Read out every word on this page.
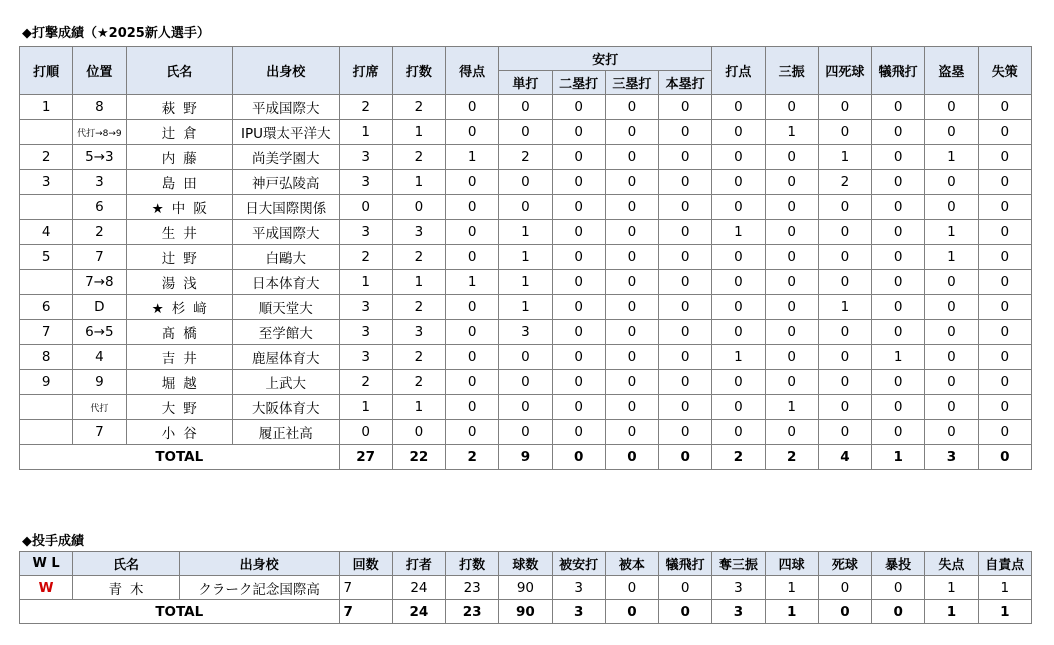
◆打撃成績（★2025新人選手）
打順	位置	氏名	出身校	打席	打数	得点	安打				打点	三振	四死球	犠飛打	盗塁	失策
							単打	二塁打	三塁打	本塁打						
1	8	萩野	平成国際大	2	2	0	0	0	0	0	0	0	0	0	0	0
	代打→8→9	辻倉	IPU環太平洋大	1	1	0	0	0	0	0	0	1	0	0	0	0
2	5→3	内藤	尚美学園大	3	2	1	2	0	0	0	0	0	1	0	1	0
3	3	島田	神戸弘陵高	3	1	0	0	0	0	0	0	0	2	0	0	0
	6	★中阪	日大国際関係	0	0	0	0	0	0	0	0	0	0	0	0	0
4	2	生井	平成国際大	3	3	0	1	0	0	0	1	0	0	0	1	0
5	7	辻野	白鷗大	2	2	0	1	0	0	0	0	0	0	0	1	0
	7→8	湯浅	日本体育大	1	1	1	1	0	0	0	0	0	0	0	0	0
6	D	★杉﨑	順天堂大	3	2	0	1	0	0	0	0	0	1	0	0	0
7	6→5	髙橋	至学館大	3	3	0	3	0	0	0	0	0	0	0	0	0
8	4	吉井	鹿屋体育大	3	2	0	0	0	0	0	1	0	0	1	0	0
9	9	堀越	上武大	2	2	0	0	0	0	0	0	0	0	0	0	0
	代打	大野	大阪体育大	1	1	0	0	0	0	0	0	1	0	0	0	0
	7	小谷	履正社高	0	0	0	0	0	0	0	0	0	0	0	0	0
TOTAL				27	22	2	9	0	0	0	2	2	4	1	3	0
◆投手成績
W L	氏名	出身校	回数	打者	打数	球数	被安打	被本	犠飛打	奪三振	四球	死球	暴投	失点	自責点
W	青木	クラーク記念国際高	7	24	23	90	3	0	0	3	1	0	0	1	1
TOTAL			7	24	23	90	3	0	0	3	1	0	0	1	1
